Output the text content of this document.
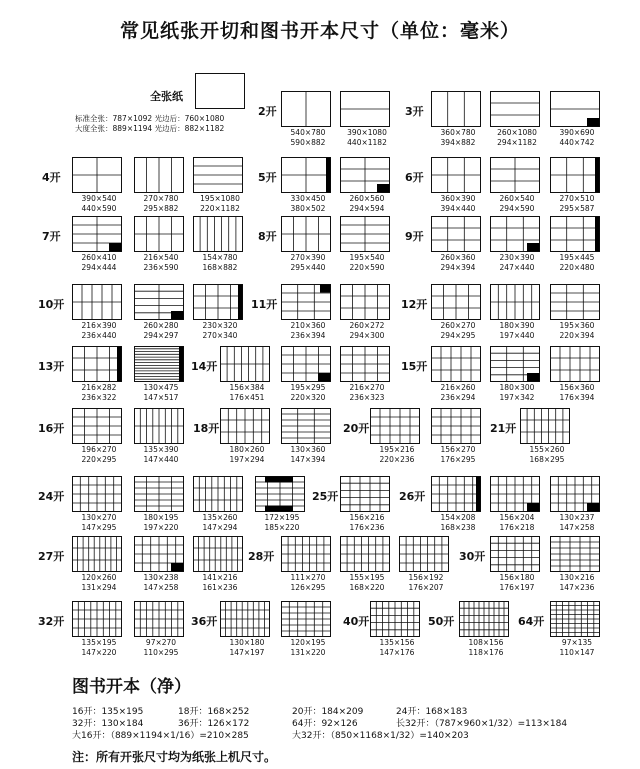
常见纸张开切和图书开本尺寸（单位：毫米）
全张纸
标准全张：787×1092 光边后：760×1080
大度全张：889×1194 光边后：882×1182
2开
540×780
590×882
390×1080
440×1182
3开
360×780
394×882
260×1080
294×1182
390×690
440×742
4开
390×540
440×590
270×780
295×882
195×1080
220×1182
5开
330×450
380×502
260×560
294×594
6开
360×390
394×440
260×540
294×590
270×510
295×587
7开
260×410
294×444
216×540
236×590
154×780
168×882
8开
270×390
295×440
195×540
220×590
9开
260×360
294×394
230×390
247×440
195×445
220×480
10开
216×390
236×440
260×280
294×297
230×320
270×340
11开
210×360
236×394
260×272
294×300
12开
260×270
294×295
180×390
197×440
195×360
220×394
13开
216×282
236×322
130×475
147×517
14开
156×384
176×451
195×295
220×320
216×270
236×323
15开
216×260
236×294
180×300
197×342
156×360
176×394
16开
196×270
220×295
135×390
147×440
18开
180×260
197×294
130×360
147×394
20开
195×216
220×236
156×270
176×295
21开
155×260
168×295
24开
130×270
147×295
180×195
197×220
135×260
147×294
172×195
185×220
25开
156×216
176×236
26开
154×208
168×238
156×204
176×218
130×237
147×258
27开
120×260
131×294
130×238
147×258
141×216
161×236
28开
111×270
126×295
155×195
168×220
156×192
176×207
30开
156×180
176×197
130×216
147×236
32开
135×195
147×220
97×270
110×295
36开
130×180
147×197
120×195
131×220
40开
135×156
147×176
50开
108×156
118×176
64开
97×135
110×147
图书开本（净）
16开：135×195	18开：168×252	20开：184×209	24开：168×183
32开：130×184	36开：126×172	64开：92×126	长32开：（787×960×1/32）=113×184
大16开：（889×1194×1/16）=210×285	大32开：（850×1168×1/32）=140×203
注：所有开张尺寸均为纸张上机尺寸。
